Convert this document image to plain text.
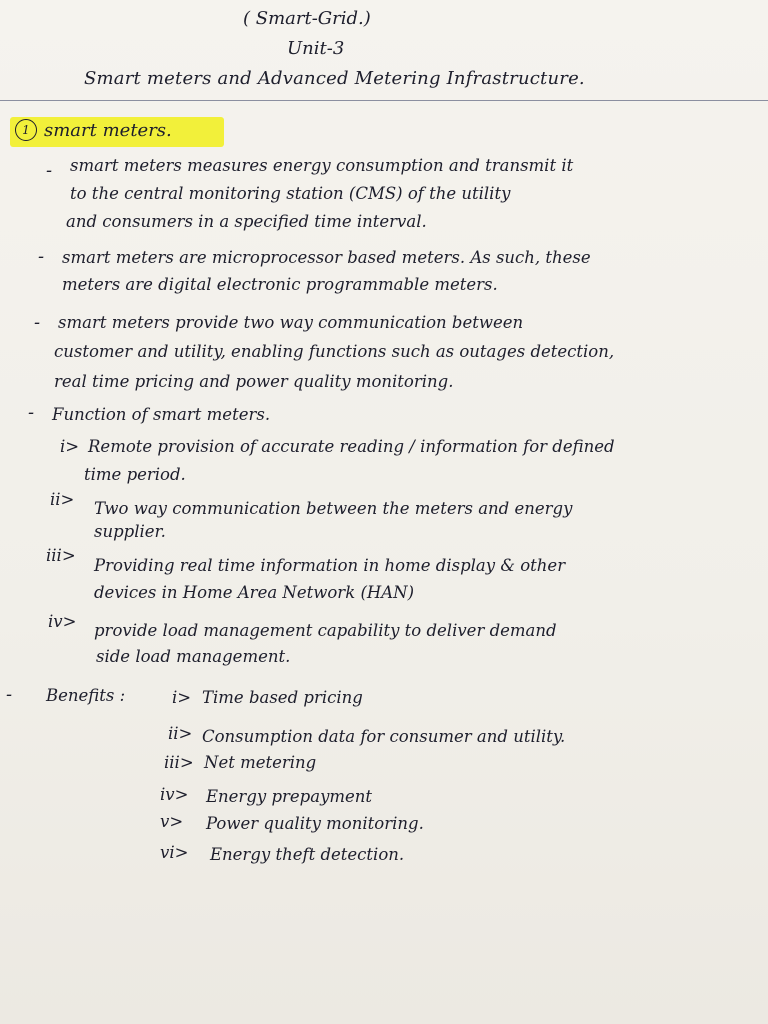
( Smart-Grid.)
Unit-3
Smart meters and Advanced Metering Infrastructure.
1 smart meters.
- smart meters measures energy consumption and transmit it
to the central monitoring station (CMS) of the utility
and consumers in a specified time interval.
- smart meters are microprocessor based meters. As such, these
meters are digital electronic programmable meters.
- smart meters provide two way communication between
customer and utility, enabling functions such as outages detection,
real time pricing and power quality monitoring.
- Function of smart meters.
i> Remote provision of accurate reading / information for defined
time period.
ii> Two way communication between the meters and energy
supplier.
iii>
Providing real time information in home display & other
devices in Home Area Network (HAN)
iv> provide load management capability to deliver demand
side load management.
- Benefits :	i> Time based pricing
ii> Consumption data for consumer and utility.
iii> Net metering
iv> Energy prepayment
v> Power quality monitoring.
vi> Energy theft detection.
